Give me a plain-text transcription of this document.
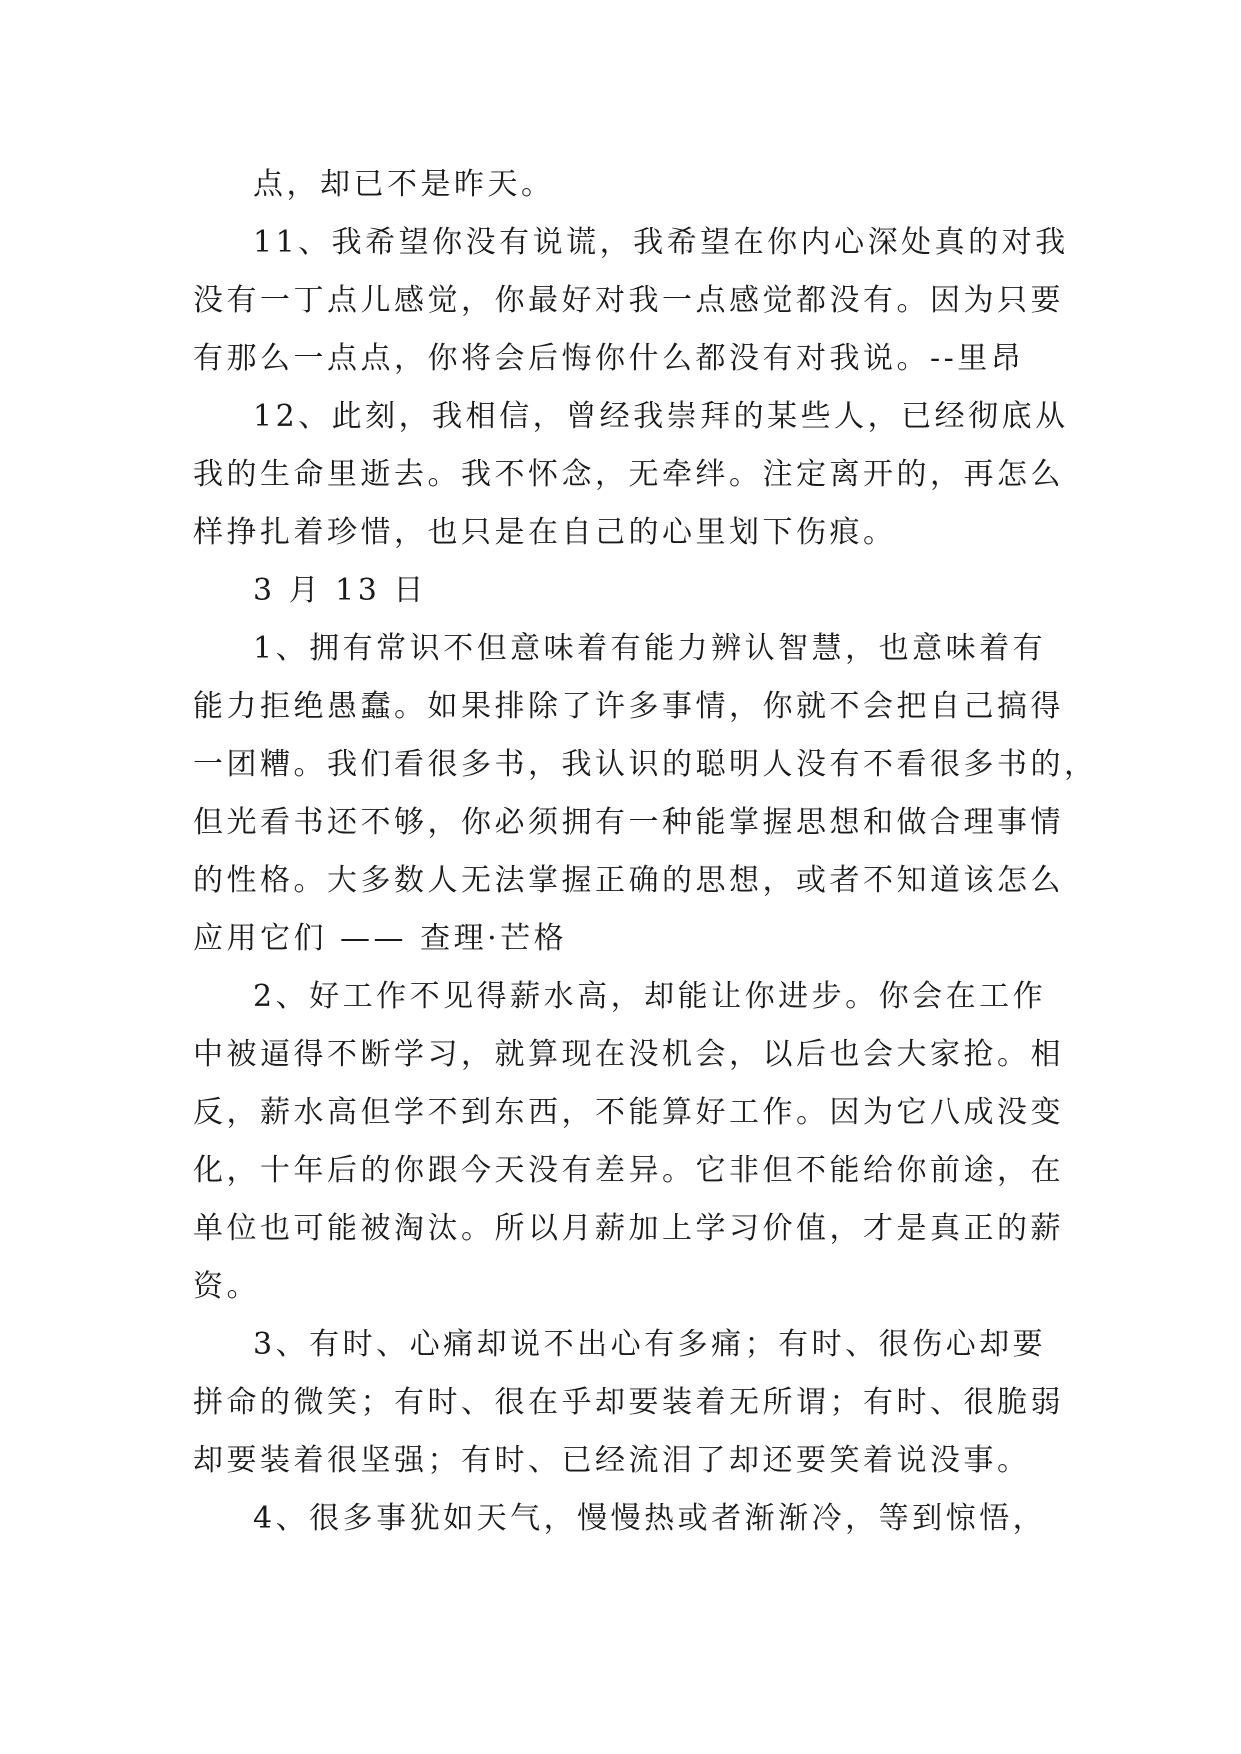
点，却已不是昨天。

11、我希望你没有说谎，我希望在你内心深处真的对我

没有一丁点儿感觉，你最好对我一点感觉都没有。因为只要

有那么一点点，你将会后悔你什么都没有对我说。--里昂

12、此刻，我相信，曾经我崇拜的某些人，已经彻底从

我的生命里逝去。我不怀念，无牵绊。注定离开的，再怎么

样挣扎着珍惜，也只是在自己的心里划下伤痕。

3 月 13 日

1、拥有常识不但意味着有能力辨认智慧，也意味着有

能力拒绝愚蠢。如果排除了许多事情，你就不会把自己搞得

一团糟。我们看很多书，我认识的聪明人没有不看很多书的，

但光看书还不够，你必须拥有一种能掌握思想和做合理事情

的性格。大多数人无法掌握正确的思想，或者不知道该怎么

应用它们 —— 查理·芒格

2、好工作不见得薪水高，却能让你进步。你会在工作

中被逼得不断学习，就算现在没机会，以后也会大家抢。相

反，薪水高但学不到东西，不能算好工作。因为它八成没变

化，十年后的你跟今天没有差异。它非但不能给你前途，在

单位也可能被淘汰。所以月薪加上学习价值，才是真正的薪

资。

3、有时、心痛却说不出心有多痛；有时、很伤心却要

拼命的微笑；有时、很在乎却要装着无所谓；有时、很脆弱

却要装着很坚强；有时、已经流泪了却还要笑着说没事。

4、很多事犹如天气，慢慢热或者渐渐冷，等到惊悟，
